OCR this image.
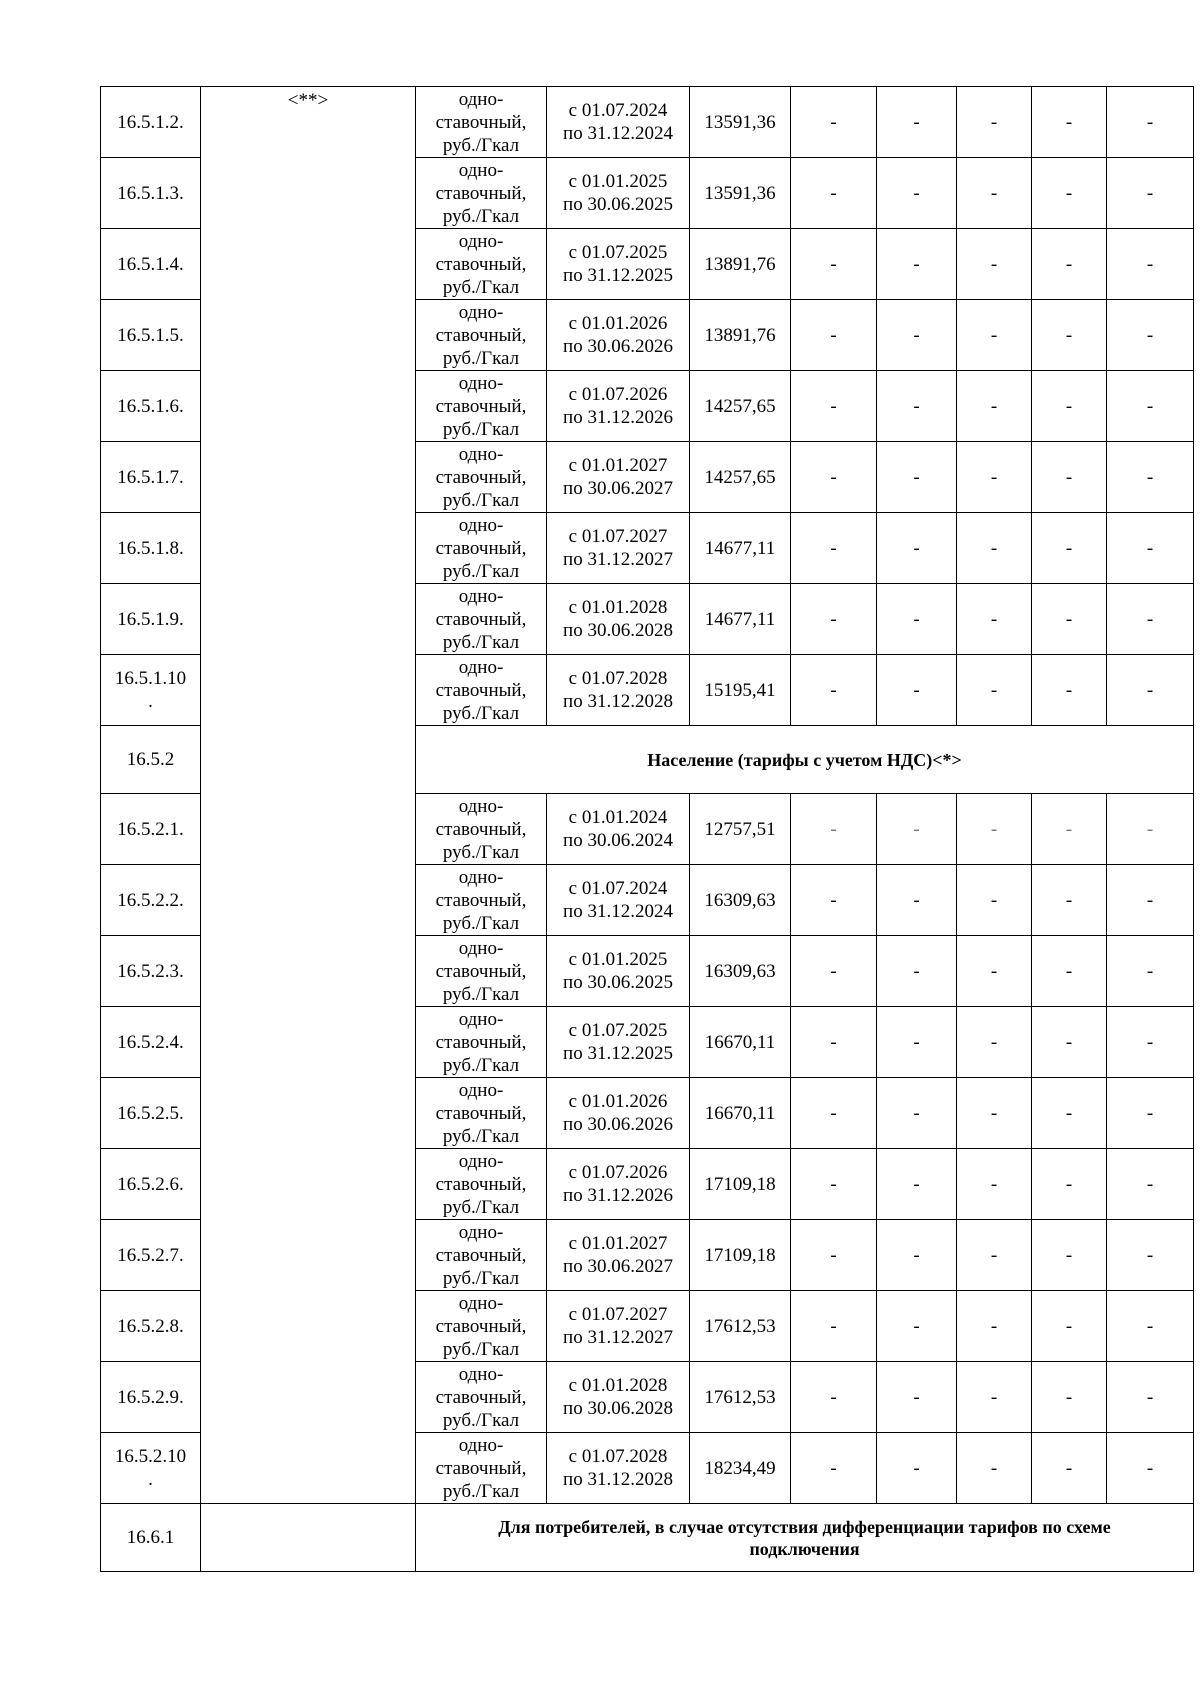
16.5.1.2.	<**>	одно-
ставочный,
руб./Гкал	с 01.07.2024
по 31.12.2024	13591,36	-	-	-	-	-
16.5.1.3.		одно-
ставочный,
руб./Гкал	с 01.01.2025
по 30.06.2025	13591,36	-	-	-	-	-
16.5.1.4.		одно-
ставочный,
руб./Гкал	с 01.07.2025
по 31.12.2025	13891,76	-	-	-	-	-
16.5.1.5.		одно-
ставочный,
руб./Гкал	с 01.01.2026
по 30.06.2026	13891,76	-	-	-	-	-
16.5.1.6.		одно-
ставочный,
руб./Гкал	с 01.07.2026
по 31.12.2026	14257,65	-	-	-	-	-
16.5.1.7.		одно-
ставочный,
руб./Гкал	с 01.01.2027
по 30.06.2027	14257,65	-	-	-	-	-
16.5.1.8.		одно-
ставочный,
руб./Гкал	с 01.07.2027
по 31.12.2027	14677,11	-	-	-	-	-
16.5.1.9.		одно-
ставочный,
руб./Гкал	с 01.01.2028
по 30.06.2028	14677,11	-	-	-	-	-
16.5.1.10
.		одно-
ставочный,
руб./Гкал	с 01.07.2028
по 31.12.2028	15195,41	-	-	-	-	-
16.5.2		Население (тарифы с учетом НДС)<*>							
16.5.2.1.		одно-
ставочный,
руб./Гкал	с 01.01.2024
по 30.06.2024	12757,51	-	-	-	-	-
16.5.2.2.		одно-
ставочный,
руб./Гкал	с 01.07.2024
по 31.12.2024	16309,63	-	-	-	-	-
16.5.2.3.		одно-
ставочный,
руб./Гкал	с 01.01.2025
по 30.06.2025	16309,63	-	-	-	-	-
16.5.2.4.		одно-
ставочный,
руб./Гкал	с 01.07.2025
по 31.12.2025	16670,11	-	-	-	-	-
16.5.2.5.		одно-
ставочный,
руб./Гкал	с 01.01.2026
по 30.06.2026	16670,11	-	-	-	-	-
16.5.2.6.		одно-
ставочный,
руб./Гкал	с 01.07.2026
по 31.12.2026	17109,18	-	-	-	-	-
16.5.2.7.		одно-
ставочный,
руб./Гкал	с 01.01.2027
по 30.06.2027	17109,18	-	-	-	-	-
16.5.2.8.		одно-
ставочный,
руб./Гкал	с 01.07.2027
по 31.12.2027	17612,53	-	-	-	-	-
16.5.2.9.		одно-
ставочный,
руб./Гкал	с 01.01.2028
по 30.06.2028	17612,53	-	-	-	-	-
16.5.2.10
.		одно-
ставочный,
руб./Гкал	с 01.07.2028
по 31.12.2028	18234,49	-	-	-	-	-
16.6.1		Для потребителей, в случае отсутствия дифференциации тарифов по схеме
подключения							
